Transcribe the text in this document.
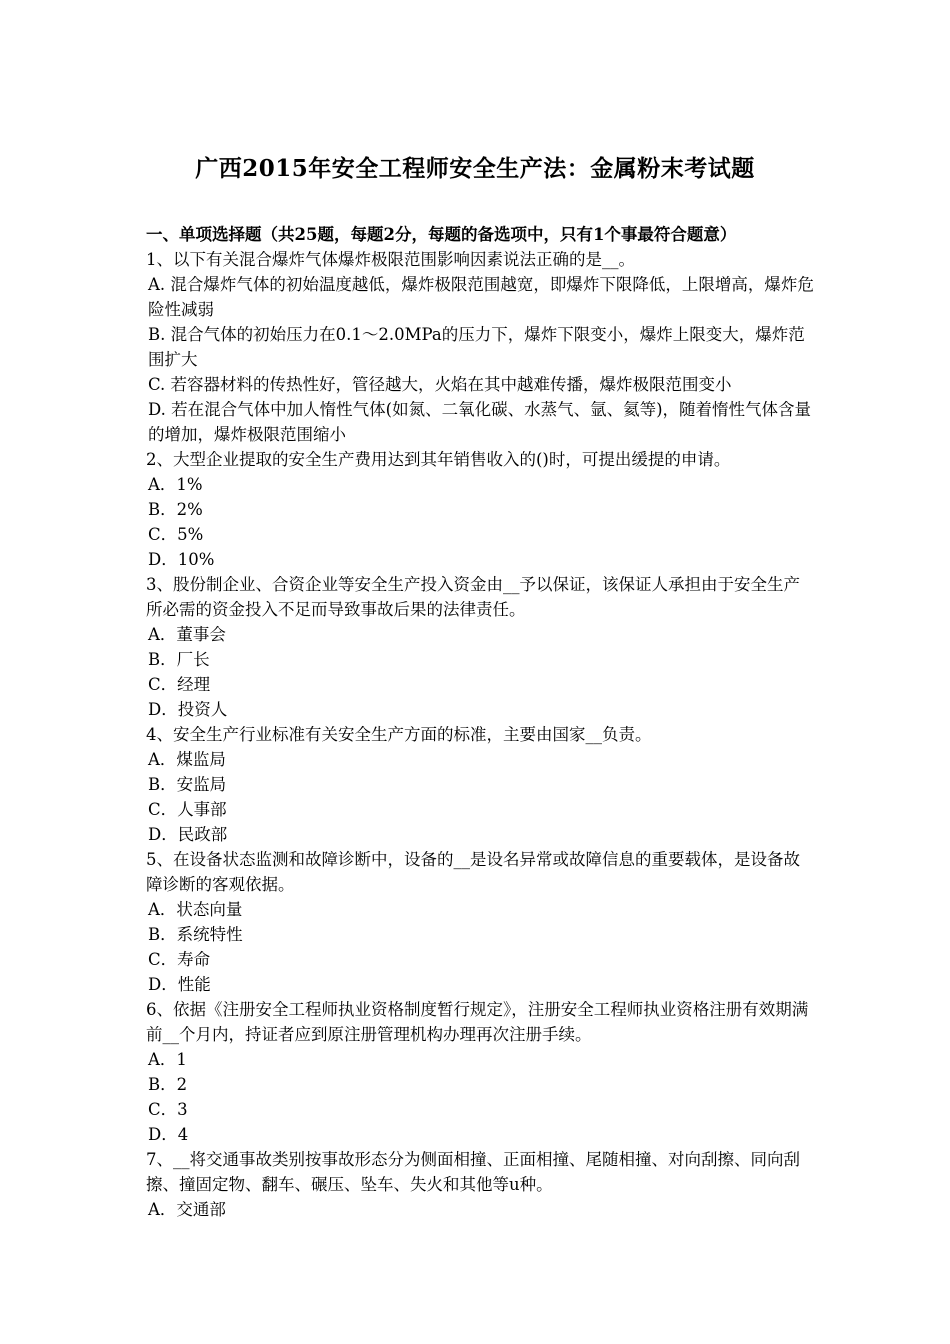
广西2015年安全工程师安全生产法：金属粉末考试题
一、单项选择题（共25题，每题2分，每题的备选项中，只有1个事最符合题意）
1、以下有关混合爆炸气体爆炸极限范围影响因素说法正确的是__。
A. 混合爆炸气体的初始温度越低，爆炸极限范围越宽，即爆炸下限降低，上限增高，爆炸危险性减弱
B. 混合气体的初始压力在0.1～2.0MPa的压力下，爆炸下限变小，爆炸上限变大，爆炸范围扩大
C. 若容器材料的传热性好，管径越大，火焰在其中越难传播，爆炸极限范围变小
D. 若在混合气体中加人惰性气体(如氮、二氧化碳、水蒸气、氩、氦等)，随着惰性气体含量的增加，爆炸极限范围缩小
2、大型企业提取的安全生产费用达到其年销售收入的()时，可提出缓提的申请。
A．1%
B．2%
C．5%
D．10%
3、股份制企业、合资企业等安全生产投入资金由__予以保证，该保证人承担由于安全生产所必需的资金投入不足而导致事故后果的法律责任。
A．董事会
B．厂长
C．经理
D．投资人
4、安全生产行业标准有关安全生产方面的标准，主要由国家__负责。
A．煤监局
B．安监局
C．人事部
D．民政部
5、在设备状态监测和故障诊断中，设备的__是设名异常或故障信息的重要载体，是设备故障诊断的客观依据。
A．状态向量
B．系统特性
C．寿命
D．性能
6、依据《注册安全工程师执业资格制度暂行规定》，注册安全工程师执业资格注册有效期满前__个月内，持证者应到原注册管理机构办理再次注册手续。
A．1
B．2
C．3
D．4
7、__将交通事故类别按事故形态分为侧面相撞、正面相撞、尾随相撞、对向刮擦、同向刮擦、撞固定物、翻车、碾压、坠车、失火和其他等u种。
A．交通部
